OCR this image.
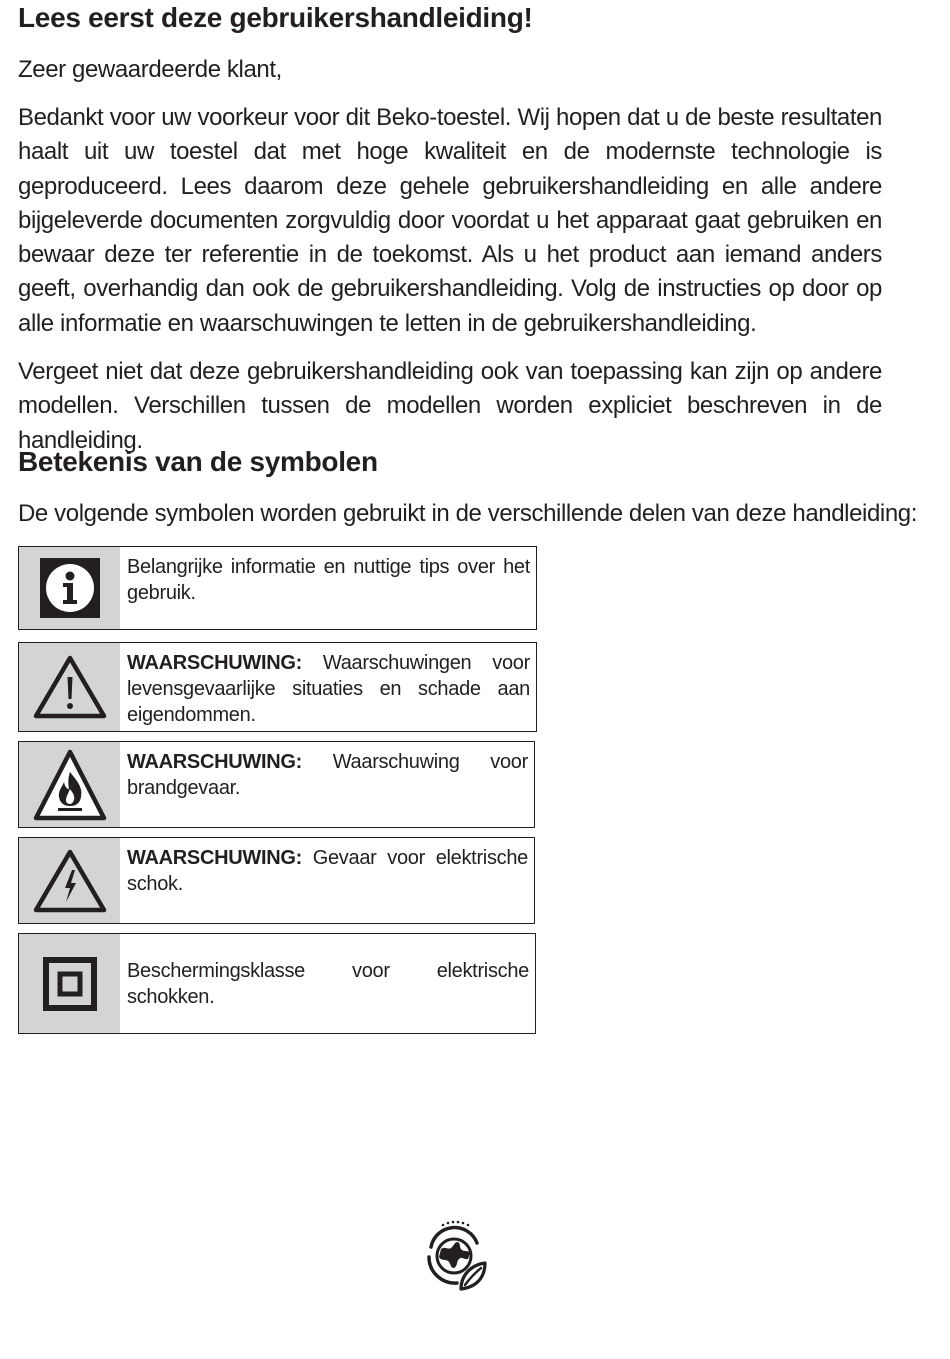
Lees eerst deze gebruikershandleiding!

Zeer gewaardeerde klant,

Bedankt voor uw voorkeur voor dit Beko-toestel. Wij hopen dat u de beste resultaten haalt uit uw toestel dat met hoge kwaliteit en de modernste technologie is geproduceerd. Lees daarom deze gehele gebruikershandleiding en alle andere bijgeleverde documenten zorgvuldig door voordat u het apparaat gaat gebruiken en bewaar deze ter referentie in de toekomst. Als u het product aan iemand anders geeft, overhandig dan ook de gebruikershandleiding. Volg de instructies op door op alle informatie en waarschuwingen te letten in de gebruikershandleiding.

Vergeet niet dat deze gebruikershandleiding ook van toepassing kan zijn op andere modellen. Verschillen tussen de modellen worden expliciet beschreven in de handleiding.

Betekenis van de symbolen

De volgende symbolen worden gebruikt in de verschillende delen van deze handleiding:

Belangrijke informatie en nuttige tips over het gebruik.
WAARSCHUWING: Waarschuwingen voor levensgevaarlijke situaties en schade aan eigendommen.
WAARSCHUWING: Waarschuwing voor brandgevaar.
WAARSCHUWING: Gevaar voor elektrische schok.
Beschermingsklasse voor elektrische schokken.
